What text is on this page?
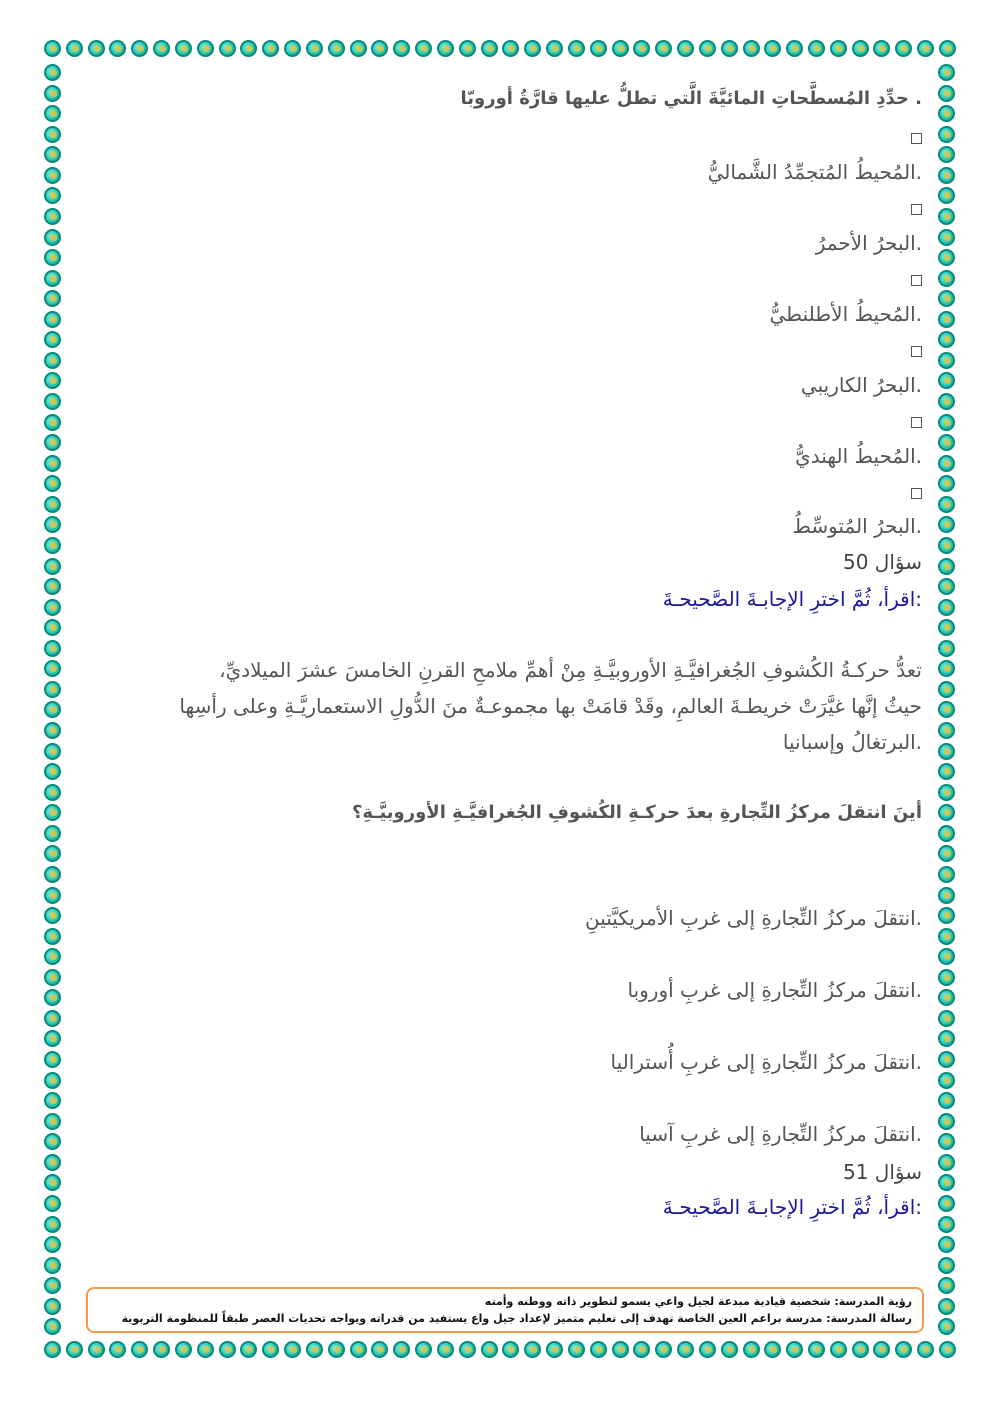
. حدِّدِ المُسطَّحاتِ المائيَّةَ الَّتي تطلُّ عليها قارَّةُ أوروبّا
.المُحيطُ المُتجمِّدُ الشَّماليُّ
.البحرُ الأحمرُ
.المُحيطُ الأطلنطيُّ
.البحرُ الكاريبي
.المُحيطُ الهنديُّ
.البحرُ المُتوسِّطُ
سؤال 50
:اقرأ، ثُمَّ اخترِ الإجابـةَ الصَّحيحـةَ
تعدُّ حركـةُ الكُشوفِ الجُغرافيَّـةِ الأوروبيَّـةِ مِنْ أهمِّ ملامحِ القرنِ الخامسَ عشرَ الميلاديِّ،
حيثُ إنَّها غيَّرَتْ خريطـةَ العالمِ، وقَدْ قامَتْ بها مجموعـةٌ منَ الدُّولِ الاستعماريَّـةِ وعلى رأسِها
.البرتغالُ وإسبانيا
أينَ انتقلَ مركزُ التِّجارةِ بعدَ حركـةِ الكُشوفِ الجُغرافيَّـةِ الأوروبيَّـةِ؟
.انتقلَ مركزُ التِّجارةِ إلى غربِ الأمريكيَّتينِ
.انتقلَ مركزُ التِّجارةِ إلى غربِ أوروبا
.انتقلَ مركزُ التِّجارةِ إلى غربِ أُستراليا
.انتقلَ مركزُ التِّجارةِ إلى غربِ آسيا
سؤال 51
:اقرأ، ثُمَّ اخترِ الإجابـةَ الصَّحيحـةَ
رؤية المدرسة: شخصية قيادية مبدعة لجيل واعي يسمو لتطوير ذاته ووطنه وأمته
رسالة المدرسة: مدرسة براعم العين الخاصة تهدف إلى تعليم متميز لإعداد جيل واع يستفيد من قدراته ويواجه تحديات العصر طبقاً للمنظومة التربوية
